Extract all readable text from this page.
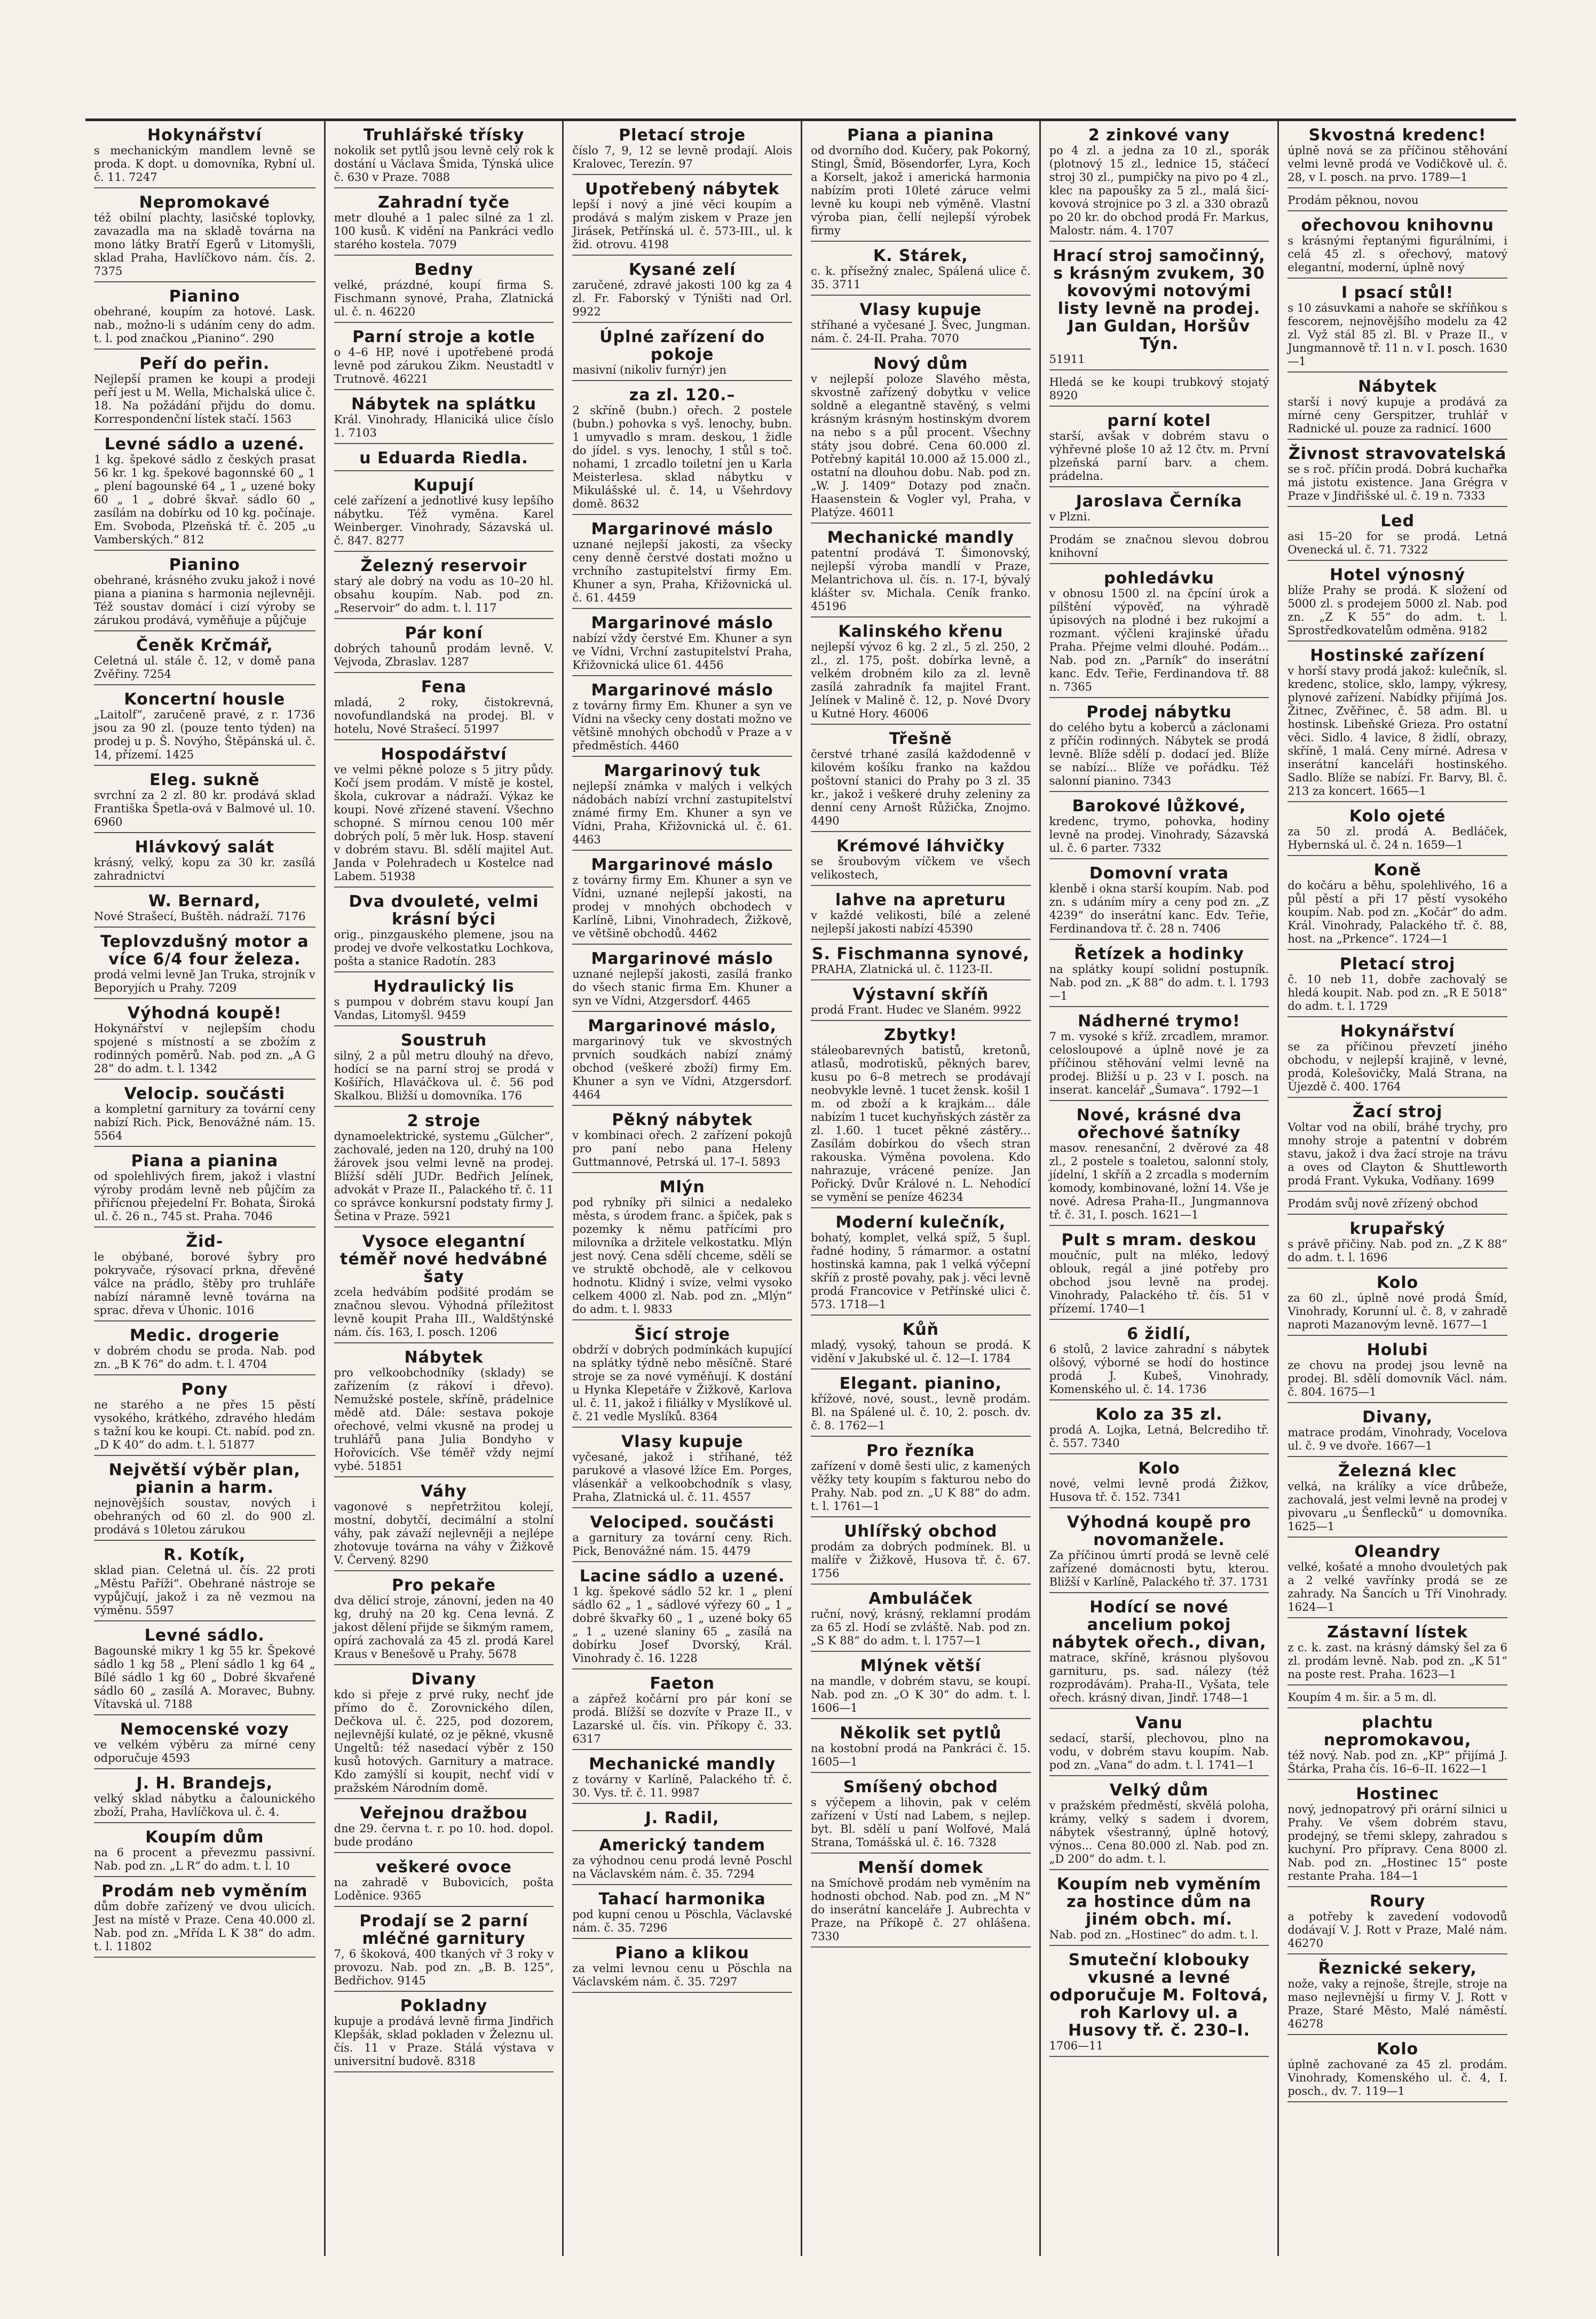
Hokynářství

s mechanickým mandlem levně se proda. K dopt. u domovníka, Rybní ul. č. 11. 7247

Nepromokavé

též obilní plachty, lasičské toplovky, zavazadla ma na skladě továrna na mono látky Bratří Egerů v Litomyšli, sklad Praha, Havlíčkovo nám. čís. 2. 7375

Pianino

obehrané, koupím za hotové. Lask. nab., možno-li s udáním ceny do adm. t. l. pod značkou „Pianino“. 290

Peří do peřin.

Nejlepší pramen ke koupi a prodeji peří jest u M. Wella, Michalská ulice č. 18. Na požádání přijdu do domu. Korrespondenční lístek stačí. 1563

Levné sádlo a uzené.

1 kg. špekové sádlo z českých prasat 56 kr. 1 kg. špekové bagonnské 60 „ 1 „ plení bagounské 64 „ 1 „ uzené boky 60 „ 1 „ dobré škvař. sádlo 60 „ zasílám na dobírku od 10 kg. počínaje. Em. Svoboda, Plzeňská tř. č. 205 „u Vamberských.“ 812

Pianino

obehrané, krásného zvuku jakož i nové piana a pianina s harmonia nejlevněji. Též soustav domácí i cizí výroby se zárukou prodává, vyměňuje a půjčuje

Čeněk Krčmář,

Celetná ul. stále č. 12, v domě pana Zvěřiny. 7254

Koncertní housle

„Laitolf“, zaručeně pravé, z r. 1736 jsou za 90 zl. (pouze tento týden) na prodej u p. Š. Novýho, Štěpánská ul. č. 14, přízemí. 1425

Eleg. sukně

svrchní za 2 zl. 80 kr. prodává sklad Františka Špetla-ová v Balmové ul. 10. 6960

Hlávkový salát

krásný, velký, kopu za 30 kr. zasílá zahradnictví

W. Bernard,

Nové Strašecí, Buštěh. nádraží. 7176

Teplovzdušný motor a více 6/4 four železa.

prodá velmi levně Jan Truka, strojník v Beporyjích u Prahy. 7209

Výhodná koupě!

Hokynářství v nejlepším chodu spojené s místností a se zbožím z rodinných poměrů. Nab. pod zn. „A G 28“ do adm. t. l. 1342

Velocip. součásti

a kompletní garnitury za tovární ceny nabízí Rich. Pick, Benovážné nám. 15. 5564

Piana a pianina

od spolehlivých firem, jakož i vlastní výroby prodám levně neb půjčím za přiřícnou přejedelní Fr. Bohata, Široká ul. č. 26 n., 745 st. Praha. 7046

Žid-

le obýbané, borové šybry pro pokryvače, rýsovací prkna, dřevěné válce na prádlo, štěby pro truhláře nabízí náramně levně továrna na sprac. dřeva v Úhonic. 1016

Medic. drogerie

v dobrém chodu se proda. Nab. pod zn. „B K 76“ do adm. t. l. 4704

Pony

ne starého a ne přes 15 pěstí vysokého, krátkého, zdravého hledám s tažní kou ke koupi. Ct. nabíd. pod zn. „D K 40“ do adm. t. l. 51877

Největší výběr plan, pianin a harm.

nejnovějších soustav, nových i obehraných od 60 zl. do 900 zl. prodává s 10letou zárukou

R. Kotík,

sklad pian. Celetná ul. čís. 22 proti „Městu Paříži“. Obehrané nástroje se vypůjčují, jakož i za ně vezmou na výměnu. 5597

Levné sádlo.

Bagounské mikry 1 kg 55 kr. Špekové sádlo 1 kg 58 „ Plení sádlo 1 kg 64 „ Bílé sádlo 1 kg 60 „ Dobré škvařené sádlo 60 „ zasílá A. Moravec, Bubny. Vítavská ul. 7188

Nemocenské vozy

ve velkém výběru za mírné ceny odporučuje 4593

J. H. Brandejs,

velký sklad nábytku a čalounického zboží, Praha, Havlíčkova ul. č. 4.

Koupím dům

na 6 procent a převezmu passivní. Nab. pod zn. „L R“ do adm. t. l. 10

Prodám neb vyměním

dům dobře zařízený ve dvou ulicích. Jest na místě v Praze. Cena 40.000 zl. Nab. pod zn. „Mřída L K 38“ do adm. t. l. 11802

Truhlářské třísky

nokolik set pytlů jsou levně celý rok k dostání u Václava Šmida, Týnská ulice č. 630 v Praze. 7088

Zahradní tyče

metr dlouhé a 1 palec silné za 1 zl. 100 kusů. K vidění na Pankráci vedlo starého kostela. 7079

Bedny

velké, prázdné, koupí firma S. Fischmann synové, Praha, Zlatnická ul. č. n. 46220

Parní stroje a kotle

o 4–6 HP, nové i upotřebené prodá levně pod zárukou Zikm. Neustadtl v Trutnově. 46221

Nábytek na splátku

Král. Vinohrady, Hlaniciká ulice číslo 1. 7103

u Eduarda Riedla.
Kupují

celé zařízení a jednotlivé kusy lepšího nábytku. Též vyměna. Karel Weinberger. Vinohrady, Sázavská ul. č. 847. 8277

Železný reservoir

starý ale dobrý na vodu as 10–20 hl. obsahu koupím. Nab. pod zn. „Reservoir“ do adm. t. l. 117

Pár koní

dobrých tahounů prodám levně. V. Vejvoda, Zbraslav. 1287

Fena

mladá, 2 roky, čistokrevná, novofundlandská na prodej. Bl. v hotelu, Nové Strašecí. 51997

Hospodářství

ve velmi pěkné poloze s 5 jitry půdy. Kočí jsem prodám. V místě je kostel, škola, cukrovar a nádraží. Výkaz ke koupi. Nové zřízené stavení. Všechno schopné. S mírnou cenou 100 měr dobrých polí, 5 měr luk. Hosp. stavení v dobrém stavu. Bl. sdělí majitel Aut. Janda v Polehradech u Kostelce nad Labem. 51938

Dva dvouleté, velmi krásní býci

orig., pinzgauského plemene, jsou na prodej ve dvoře velkostatku Lochkova, pošta a stanice Radotín. 283

Hydraulický lis

s pumpou v dobrém stavu koupí Jan Vandas, Litomyšl. 9459

Soustruh

silný, 2 a půl metru dlouhý na dřevo, hodící se na parní stroj se prodá v Košířích, Hlaváčkova ul. č. 56 pod Skalkou. Bližší u domovníka. 176

2 stroje

dynamoelektrické, systemu „Gülcher“, zachovalé, jeden na 120, druhý na 100 žárovek jsou velmi levně na prodej. Blížší sdělí JUDr. Bedřich Jelínek, advokát v Praze II., Palackého tř. č. 11 co správce konkursní podstaty firmy J. Šetina v Praze. 5921

Vysoce elegantní téměř nové hedvábné šaty

zcela hedvábím podšité prodám se značnou slevou. Výhodná příležitost levně koupit Praha III., Waldštýnské nám. čís. 163, I. posch. 1206

Nábytek

pro velkoobchodníky (sklady) se zařízením (z rákoví i dřevo). Nemužské postele, skříně, prádelnice mědě atd. Dále: sestava pokoje ořechové, velmi vkusně na prodej u truhlářů pana Julia Bondyho v Hořovicích. Vše téměř vždy nejmí vybé. 51851

Váhy

vagonové s nepřetržitou kolejí, mostní, dobytčí, decimální a stolní váhy, pak závaží nejlevněji a nejlépe zhotovuje továrna na váhy v Žižkově V. Červený. 8290

Pro pekaře

dva dělicí stroje, zánovní, jeden na 40 kg, druhý na 20 kg. Cena levná. Z jakost dělení přijde se šikmým ramem, opírá zachovalá za 45 zl. prodá Karel Kraus v Benešově u Prahy. 5678

Divany

kdo si přeje z prvé ruky, nechť jde přímo do č. Zorovnického dílen, Dečkova ul. č. 225, pod dozorem, nejlevnější kulaté, oz je pěkné, vkusně Ungeltů: též nasedací výběr z 150 kusů hotových. Garnitury a matrace. Kdo zamýšlí si koupit, nechť vidí v pražském Národním domě.

Veřejnou dražbou

dne 29. června t. r. po 10. hod. dopol. bude prodáno

veškeré ovoce

na zahradě v Bubovicích, pošta Loděnice. 9365

Prodají se 2 parní mléčné garnitury

7, 6 škoková, 400 tkaných vř 3 roky v provozu. Nab. pod zn. „B. B. 125“, Bedřichov. 9145

Pokladny

kupuje a prodává levně firma Jindřich Klepšák, sklad pokladen v Železnu ul. čís. 11 v Praze. Stálá výstava v universitní budově. 8318

Pletací stroje

číslo 7, 9, 12 se levně prodají. Alois Kralovec, Terezín. 97

Upotřebený nábytek

lepší i nový a jiné věci koupím a prodává s malým ziskem v Praze jen Jirásek, Petřínská ul. č. 573-III., ul. k žid. otrovu. 4198

Kysané zelí

zaručené, zdravé jakosti 100 kg za 4 zl. Fr. Faborský v Týništi nad Orl. 9922

Úplné zařízení do pokoje

masivní (nikoliv furnýr) jen

za zl. 120.–

2 skříně (bubn.) ořech. 2 postele (bubn.) pohovka s vyš. lenochy, bubn. 1 umyvadlo s mram. deskou, 1 židle do jídel. s vys. lenochy, 1 stůl s toč. nohami, 1 zrcadlo toiletní jen u Karla Meisterlesa. sklad nábytku v Mikulášské ul. č. 14, u Všehrdovy domě. 8632

Margarinové máslo

uznané nejlepší jakosti, za všecky ceny denně čerstvé dostati možno u vrchního zastupitelství firmy Em. Khuner a syn, Praha, Křižovnická ul. č. 61. 4459

Margarinové máslo

nabízí vždy čerstvé Em. Khuner a syn ve Vídni, Vrchní zastupitelství Praha, Křižovnická ulice 61. 4456

Margarinové máslo

z továrny firmy Em. Khuner a syn ve Vídni na všecky ceny dostati možno ve většině mnohých obchodů v Praze a v předměstích. 4460

Margarinový tuk

nejlepší známka v malých i velkých nádobách nabízí vrchní zastupitelství známé firmy Em. Khuner a syn ve Vídni, Praha, Křižovnická ul. č. 61. 4463

Margarinové máslo

z továrny firmy Em. Khuner a syn ve Vídni, uznané nejlepší jakosti, na prodej v mnohých obchodech v Karlíně, Libni, Vinohradech, Žižkově, ve většině obchodů. 4462

Margarinové máslo

uznané nejlepší jakosti, zasílá franko do všech stanic firma Em. Khuner a syn ve Vídni, Atzgersdorf. 4465

Margarinové máslo,

margarinový tuk ve skvostných prvních soudkách nabízí známý obchod (veškeré zboží) firmy Em. Khuner a syn ve Vídni, Atzgersdorf. 4464

Pěkný nábytek

v kombinaci ořech. 2 zařízení pokojů pro paní nebo pana Heleny Guttmannové, Petrská ul. 17–I. 5893

Mlýn

pod rybníky při silnici a nedaleko města, s úrodem franc. a špiček, pak s pozemky k němu patřícími pro milovníka a držitele velkostatku. Mlýn jest nový. Cena sdělí chceme, sdělí se ve struktě obchodě, ale v celkovou hodnotu. Klidný i svíze, velmi vysoko celkem 4000 zl. Nab. pod zn. „Mlýn“ do adm. t. l. 9833

Šicí stroje

obdrží v dobrých podmínkách kupující na splátky týdně nebo měsíčně. Staré stroje se za nové vyměňují. K dostání u Hynka Klepetáře v Žižkově, Karlova ul. č. 11, jakož i filiálky v Myslíkově ul. č. 21 vedle Myslíků. 8364

Vlasy kupuje

vyčesané, jakož i stříhané, též parukové a vlasové lžíce Em. Porges, vlásenkář a velkoobchodník s vlasy, Praha, Zlatnická ul. č. 11. 4557

Velociped. součásti

a garnitury za tovární ceny. Rich. Pick, Benovážné nám. 15. 4479

Lacine sádlo a uzené.

1 kg. špekové sádlo 52 kr. 1 „ plení sádlo 62 „ 1 „ sádlové výřezy 60 „ 1 „ dobré škvařky 60 „ 1 „ uzené boky 65 „ 1 „ uzené slaniny 65 „ zasílá na dobírku Josef Dvorský, Král. Vinohrady č. 16. 1228

Faeton

a zápřež kočární pro pár koní se prodá. Blížší se dozvíte v Praze II., v Lazarské ul. čís. vin. Příkopy č. 33. 6317

Mechanické mandly

z továrny v Karlíně, Palackého tř. č. 30. Vys. tř. č. 11. 9987

J. Radil,
Americký tandem

za výhodnou cenu prodá levně Poschl na Václavském nám. č. 35. 7294

Tahací harmonika

pod kupní cenou u Pöschla, Václavské nám. č. 35. 7296

Piano a klikou

za velmi levnou cenu u Pöschla na Václavském nám. č. 35. 7297

Piana a pianina

od dvorního dod. Kučery, pak Pokorný, Stingl, Šmíd, Bösendorfer, Lyra, Koch a Korselt, jakož i americká harmonia nabízím proti 10leté záruce velmi levně ku koupi neb výměně. Vlastní výroba pian, čellí nejlepší výrobek firmy

K. Stárek,

c. k. přísežný znalec, Spálená ulice č. 35. 3711

Vlasy kupuje

stříhané a vyčesané J. Švec, Jungman. nám. č. 24-II. Praha. 7070

Nový dům

v nejlepší poloze Slavého města, skvostně zařízený dobytku v velice soldně a elegantně stavěný, s velmi krásným krásným hostinským dvorem na nebo s a půl procent. Všechny státy jsou dobré. Cena 60.000 zl. Potřebný kapitál 10.000 až 15.000 zl., ostatní na dlouhou dobu. Nab. pod zn. „W. J. 1409“ Dotazy pod značn. Haasenstein & Vogler vyl, Praha, v Platýze. 46011

Mechanické mandly

patentní prodává T. Šimonovský, nejlepší výroba mandlí v Praze, Melantrichova ul. čís. n. 17-I, bývalý klášter sv. Michala. Ceník franko. 45196

Kalinského křenu

nejlepší vývoz 6 kg. 2 zl., 5 zl. 250, 2 zl., zl. 175, pošt. dobírka levně, a velkém drobném kilo za zl. levně zasílá zahradník fa majitel Frant. Jelínek v Malině č. 12, p. Nové Dvory u Kutné Hory. 46006

Třešně

čerstvé trhané zasílá každodenně v kilovém košíku franko na každou poštovní stanici do Prahy po 3 zl. 35 kr., jakož i veškeré druhy zeleniny za denní ceny Arnošt Růžička, Znojmo. 4490

Krémové láhvičky

se šroubovým víčkem ve všech velikostech,

lahve na apreturu

v každé velikosti, bílé a zelené nejlepší jakosti nabízí 45390

S. Fischmanna synové,

PRAHA, Zlatnická ul. č. 1123-II.

Výstavní skříň

prodá Frant. Hudec ve Slaném. 9922

Zbytky!

stáleobarevných batistů, kretonů, atlasů, modrotisků, pěkných barev, kusu po 6–8 metrech se prodávají neobvykle levně. 1 tucet žensk. košil 1 m. od zboží a k krajkám... dále nabízím 1 tucet kuchyňských zástěr za zl. 1.60. 1 tucet pěkné zástěry... Zasílám dobírkou do všech stran rakouska. Výměna povolena. Kdo nahrazuje, vrácené peníze. Jan Pořický. Dvůr Králové n. L. Nehodící se vymění se peníze 46234

Moderní kulečník,

bohatý, komplet, velká spíž, 5 šupl. řadné hodiny, 5 rámarmor. a ostatní hostinská kamna, pak 1 velká výčepní skříň z prostě povahy, pak j. věci levně prodá Francovice v Petřínské ulici č. 573. 1718—1

Kůň

mladý, vysoký, tahoun se prodá. K vidění v Jakubské ul. č. 12—I. 1784

Elegant. pianino,

křížové, nové, soust., levně prodám. Bl. na Spálené ul. č. 10, 2. posch. dv. č. 8. 1762—1

Pro řezníka

zařízení v domě šesti ulic, z kamených věžky tety koupím s fakturou nebo do Prahy. Nab. pod zn. „U K 88“ do adm. t. l. 1761—1

Uhlířský obchod

prodám za dobrých podmínek. Bl. u malíře v Žižkově, Husova tř. č. 67. 1756

Ambuláček

ruční, nový, krásný, reklamní prodám za 65 zl. Hodí se zvláště. Nab. pod zn. „S K 88“ do adm. t. l. 1757—1

Mlýnek větší

na mandle, v dobrém stavu, se koupí. Nab. pod zn. „O K 30“ do adm. t. l. 1606—1

Několik set pytlů

na kostobní prodá na Pankráci č. 15. 1605—1

Smíšený obchod

s výčepem a lihovin, pak v celém zařízení v Ústí nad Labem, s nejlep. byt. Bl. sdělí u paní Wolfové, Malá Strana, Tomášská ul. č. 16. 7328

Menší domek

na Smíchově prodám neb vyměním na hodnosti obchod. Nab. pod zn. „M N“ do inserátní kanceláře J. Aubrechta v Praze, na Příkopě č. 27 ohlášena. 7330

2 zinkové vany

po 4 zl. a jedna za 10 zl., sporák (plotnový 15 zl., lednice 15, stáčecí stroj 30 zl., pumpičky na pivo po 4 zl., klec na papoušky za 5 zl., malá šicí-kovová strojnice po 3 zl. a 330 obrazů po 20 kr. do obchod prodá Fr. Markus, Malostr. nám. 4. 1707

Hrací stroj samočinný, s krásným zvukem, 30 kovovými notovými listy levně na prodej. Jan Guldan, Horšův Týn.

51911

Hledá se ke koupi trubkový stojatý 8920

parní kotel

starší, avšak v dobrém stavu o výhřevné ploše 10 až 12 čtv. m. První plzeňská parní barv. a chem. prádelna.

Jaroslava Černíka

v Plzni.

Prodám se značnou slevou dobrou knihovní

pohledávku

v obnosu 1500 zl. na čpcíní úrok a pílštění výpověď, na výhradě úpisových na plodné i bez rukojmí a rozmant. výčleni krajinské úřadu Praha. Přejme velmi dlouhé. Podám... Nab. pod zn. „Parník“ do inserátní kanc. Edv. Teřie, Ferdinandova tř. 88 n. 7365

Prodej nábytku

do celého bytu a koberců a záclonami z příčin rodinných. Nábytek se prodá levně. Blíže sdělí p. dodací jed. Blíže se nabízí... Blíže ve pořádku. Též salonní pianino. 7343

Barokové lůžkové,

kredenc, trymo, pohovka, hodiny levně na prodej. Vinohrady, Sázavská ul. č. 6 parter. 7332

Domovní vrata

klenbě i okna starší koupím. Nab. pod zn. s udáním míry a ceny pod zn. „Z 4239“ do inserátní kanc. Edv. Teřie, Ferdinandova tř. č. 28 n. 7406

Řetízek a hodinky

na splátky koupí solidní postupník. Nab. pod zn. „K 88“ do adm. t. l. 1793—1

Nádherné trymo!

7 m. vysoké s kříž. zrcadlem, mramor. celosloupové a úplně nové je za příčinou stěhování velmi levně na prodej. Bližší u p. 23 v I. posch. na inserat. kancelář „Šumava“. 1792—1

Nové, krásné dva ořechové šatníky

masov. renesanční, 2 dvěrové za 48 zl., 2 postele s toaletou, salonní stoly, jídelní, 1 skříň a 2 zrcadla s moderním komody, kombinované, ložní 14. Vše je nové. Adresa Praha-II., Jungmannova tř. č. 31, I. posch. 1621—1

Pult s mram. deskou

moučníc, pult na mléko, ledový oblouk, regál a jiné potřeby pro obchod jsou levně na prodej. Vinohrady, Palackého tř. čís. 51 v přízemí. 1740—1

6 židlí,

6 stolů, 2 lavice zahradní s nábytek olšový, výborné se hodí do hostince prodá J. Kubeš, Vinohrady, Komenského ul. č. 14. 1736

Kolo za 35 zl.

prodá A. Lojka, Letná, Belcrediho tř. č. 557. 7340

Kolo

nové, velmi levně prodá Žižkov, Husova tř. č. 152. 7341

Výhodná koupě pro novomanžele.

Za příčinou úmrtí prodá se levně celé zařízené domácnosti bytu, kterou. Bližší v Karlíně, Palackého tř. 37. 1731

Hodící se nové ancelium pokoj nábytek ořech., divan,

matrace, skříně, krásnou plyšovou garnituru, ps. sad. nálezy (též rozprodávám). Praha-II., Vyšata, tele ořech. krásný divan, Jindř. 1748—1

Vanu

sedací, starší, plechovou, plno na vodu, v dobrém stavu koupím. Nab. pod zn. „Vana“ do adm. t. l. 1741—1

Velký dům

v pražském předměstí, skvělá poloha, krámy, velký s sadem i dvorem, nábytek všestranný, úplně hotový, výnos... Cena 80.000 zl. Nab. pod zn. „D 200“ do adm. t. l.

Koupím neb vyměním za hostince dům na jiném obch. mí.

Nab. pod zn. „Hostinec“ do adm. t. l.

Smuteční klobouky vkusné a levné odporučuje M. Foltová, roh Karlovy ul. a Husovy tř. č. 230–I.

1706—11

Skvostná kredenc!

úplně nová se za příčinou stěhování velmi levně prodá ve Vodičkově ul. č. 28, v I. posch. na prvo. 1789—1

Prodám pěknou, novou

ořechovou knihovnu

s krásnými řeptanými figurálními, i celá 45 zl. s ořechový, matový elegantní, moderní, úplně nový

I psací stůl!

s 10 zásuvkami a nahoře se skříňkou s fescorem, nejnovějšího modelu za 42 zl. Vyž stál 85 zl. Bl. v Praze II., v Jungmannově tř. 11 n. v I. posch. 1630—1

Nábytek

starší i nový kupuje a prodává za mírné ceny Gerspitzer, truhlář v Radnické ul. pouze za radnicí. 1600

Živnost stravovatelská

se s roč. příčin prodá. Dobrá kuchařka má jistotu existence. Jana Grégra v Praze v Jindřišské ul. č. 19 n. 7333

Led

asi 15–20 for se prodá. Letná Ovenecká ul. č. 71. 7322

Hotel výnosný

blíže Prahy se prodá. K složení od 5000 zl. s prodejem 5000 zl. Nab. pod zn. „Z K 55“ do adm. t. l. Sprostředkovatelům odměna. 9182

Hostinské zařízení

v horší stavy prodá jakož: kulečník, sl. kredenc, stolice, sklo, lampy, výkresy, plynové zařízení. Nabídky přijímá Jos. Žitnec, Zvěřinec, č. 58 adm. Bl. u hostinsk. Libeňské Grieza. Pro ostatní věci. Sidlo. 4 lavice, 8 židlí, obrazy, skříně, 1 malá. Ceny mírné. Adresa v inserátní kanceláři hostinského. Sadlo. Blíže se nabízí. Fr. Barvy, Bl. č. 213 za koncert. 1665—1

Kolo ojeté

za 50 zl. prodá A. Bedláček, Hybernská ul. č. 24 n. 1659—1

Koně

do kočáru a běhu, spolehlivého, 16 a půl pěstí a při 17 pěstí vysokého koupím. Nab. pod zn. „Kočár“ do adm. Král. Vinohrady, Palackého tř. č. 88, host. na „Prkence“. 1724—1

Pletací stroj

č. 10 neb 11, dobře zachovalý se hledá koupit. Nab. pod zn. „R E 5018“ do adm. t. l. 1729

Hokynářství

se za příčinou převzetí jiného obchodu, v nejlepší krajině, v levné, prodá, Kolešovičky, Malá Strana, na Újezdě č. 400. 1764

Žací stroj

Voltar vod na obilí, bráhé trychy, pro mnohy stroje a patentní v dobrém stavu, jakož i dva žací stroje na trávu a oves od Clayton & Shuttleworth prodá Frant. Vykuka, Vodňany. 1699

Prodám svůj nově zřízený obchod

krupařský

s právě přičiny. Nab. pod zn. „Z K 88“ do adm. t. l. 1696

Kolo

za 60 zl., úplně nové prodá Šmíd, Vinohrady, Korunní ul. č. 8, v zahradě naproti Mazanovým levně. 1677—1

Holubi

ze chovu na prodej jsou levně na prodej. Bl. sdělí domovník Václ. nám. č. 804. 1675—1

Divany,

matrace prodám, Vinohrady, Vocelova ul. č. 9 ve dvoře. 1667—1

Železná klec

velká, na králíky a více drůbeže, zachovalá, jest velmi levně na prodej v pivovaru „u Šenflecků“ u domovníka. 1625—1

Oleandry

velké, košaté a mnoho dvouletých pak a 2 velké vavřínky prodá se ze zahrady. Na Šancích u Tří Vinohrady. 1624—1

Zástavní lístek

z c. k. zast. na krásný dámský šel za 6 zl. prodám levně. Nab. pod zn. „K 51“ na poste rest. Praha. 1623—1

Koupím 4 m. šir. a 5 m. dl.

plachtu nepromokavou,

též nový. Nab. pod zn. „KP“ přijímá J. Štárka, Praha čís. 16–6–II. 1622—1

Hostinec

nový, jednopatrový při orární silnici u Prahy. Ve všem dobrém stavu, prodejný, se třemi sklepy, zahradou s kuchyní. Pro přípravy. Cena 8000 zl. Nab. pod zn. „Hostinec 15“ poste restante Praha. 184—1

Roury

a potřeby k zavedení vodovodů dodávají V. J. Rott v Praze, Malé nám. 46270

Řeznické sekery,

nože, vaky a rejnoše, štrejle, stroje na maso nejlevnější u firmy V. J. Rott v Praze, Staré Město, Malé náměstí. 46278

Kolo

úplně zachované za 45 zl. prodám. Vinohrady, Komenského ul. č. 4, I. posch., dv. 7. 119—1
